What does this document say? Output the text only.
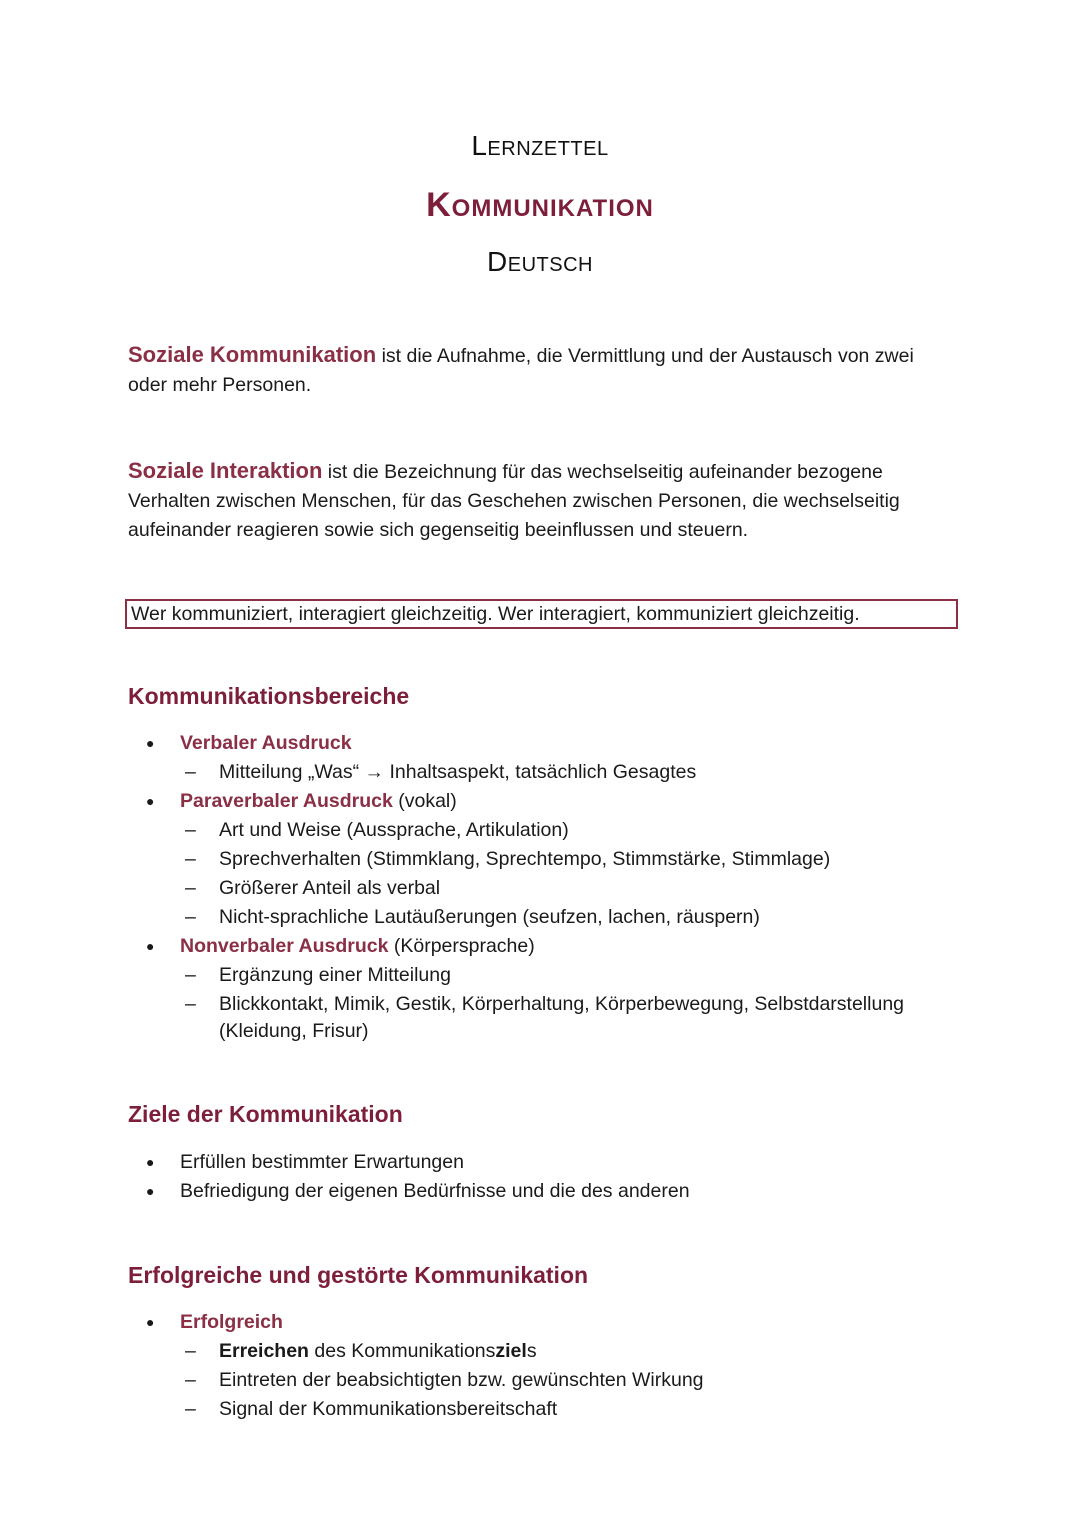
Lernzettel
Kommunikation
Deutsch
Soziale Kommunikation ist die Aufnahme, die Vermittlung und der Austausch von zwei oder mehr Personen.
Soziale Interaktion ist die Bezeichnung für das wechselseitig aufeinander bezogene Verhalten zwischen Menschen, für das Geschehen zwischen Personen, die wechselseitig aufeinander reagieren sowie sich gegenseitig beeinflussen und steuern.
Wer kommuniziert, interagiert gleichzeitig. Wer interagiert, kommuniziert gleichzeitig.
Kommunikationsbereiche
● Verbaler Ausdruck
– Mitteilung „Was“ → Inhaltsaspekt, tatsächlich Gesagtes
● Paraverbaler Ausdruck (vokal)
– Art und Weise (Aussprache, Artikulation)
– Sprechverhalten (Stimmklang, Sprechtempo, Stimmstärke, Stimmlage)
– Größerer Anteil als verbal
– Nicht-sprachliche Lautäußerungen (seufzen, lachen, räuspern)
● Nonverbaler Ausdruck (Körpersprache)
– Ergänzung einer Mitteilung
– Blickkontakt, Mimik, Gestik, Körperhaltung, Körperbewegung, Selbstdarstellung
(Kleidung, Frisur)
Ziele der Kommunikation
● Erfüllen bestimmter Erwartungen
● Befriedigung der eigenen Bedürfnisse und die des anderen
Erfolgreiche und gestörte Kommunikation
● Erfolgreich
– Erreichen des Kommunikationsziels
– Eintreten der beabsichtigten bzw. gewünschten Wirkung
– Signal der Kommunikationsbereitschaft
